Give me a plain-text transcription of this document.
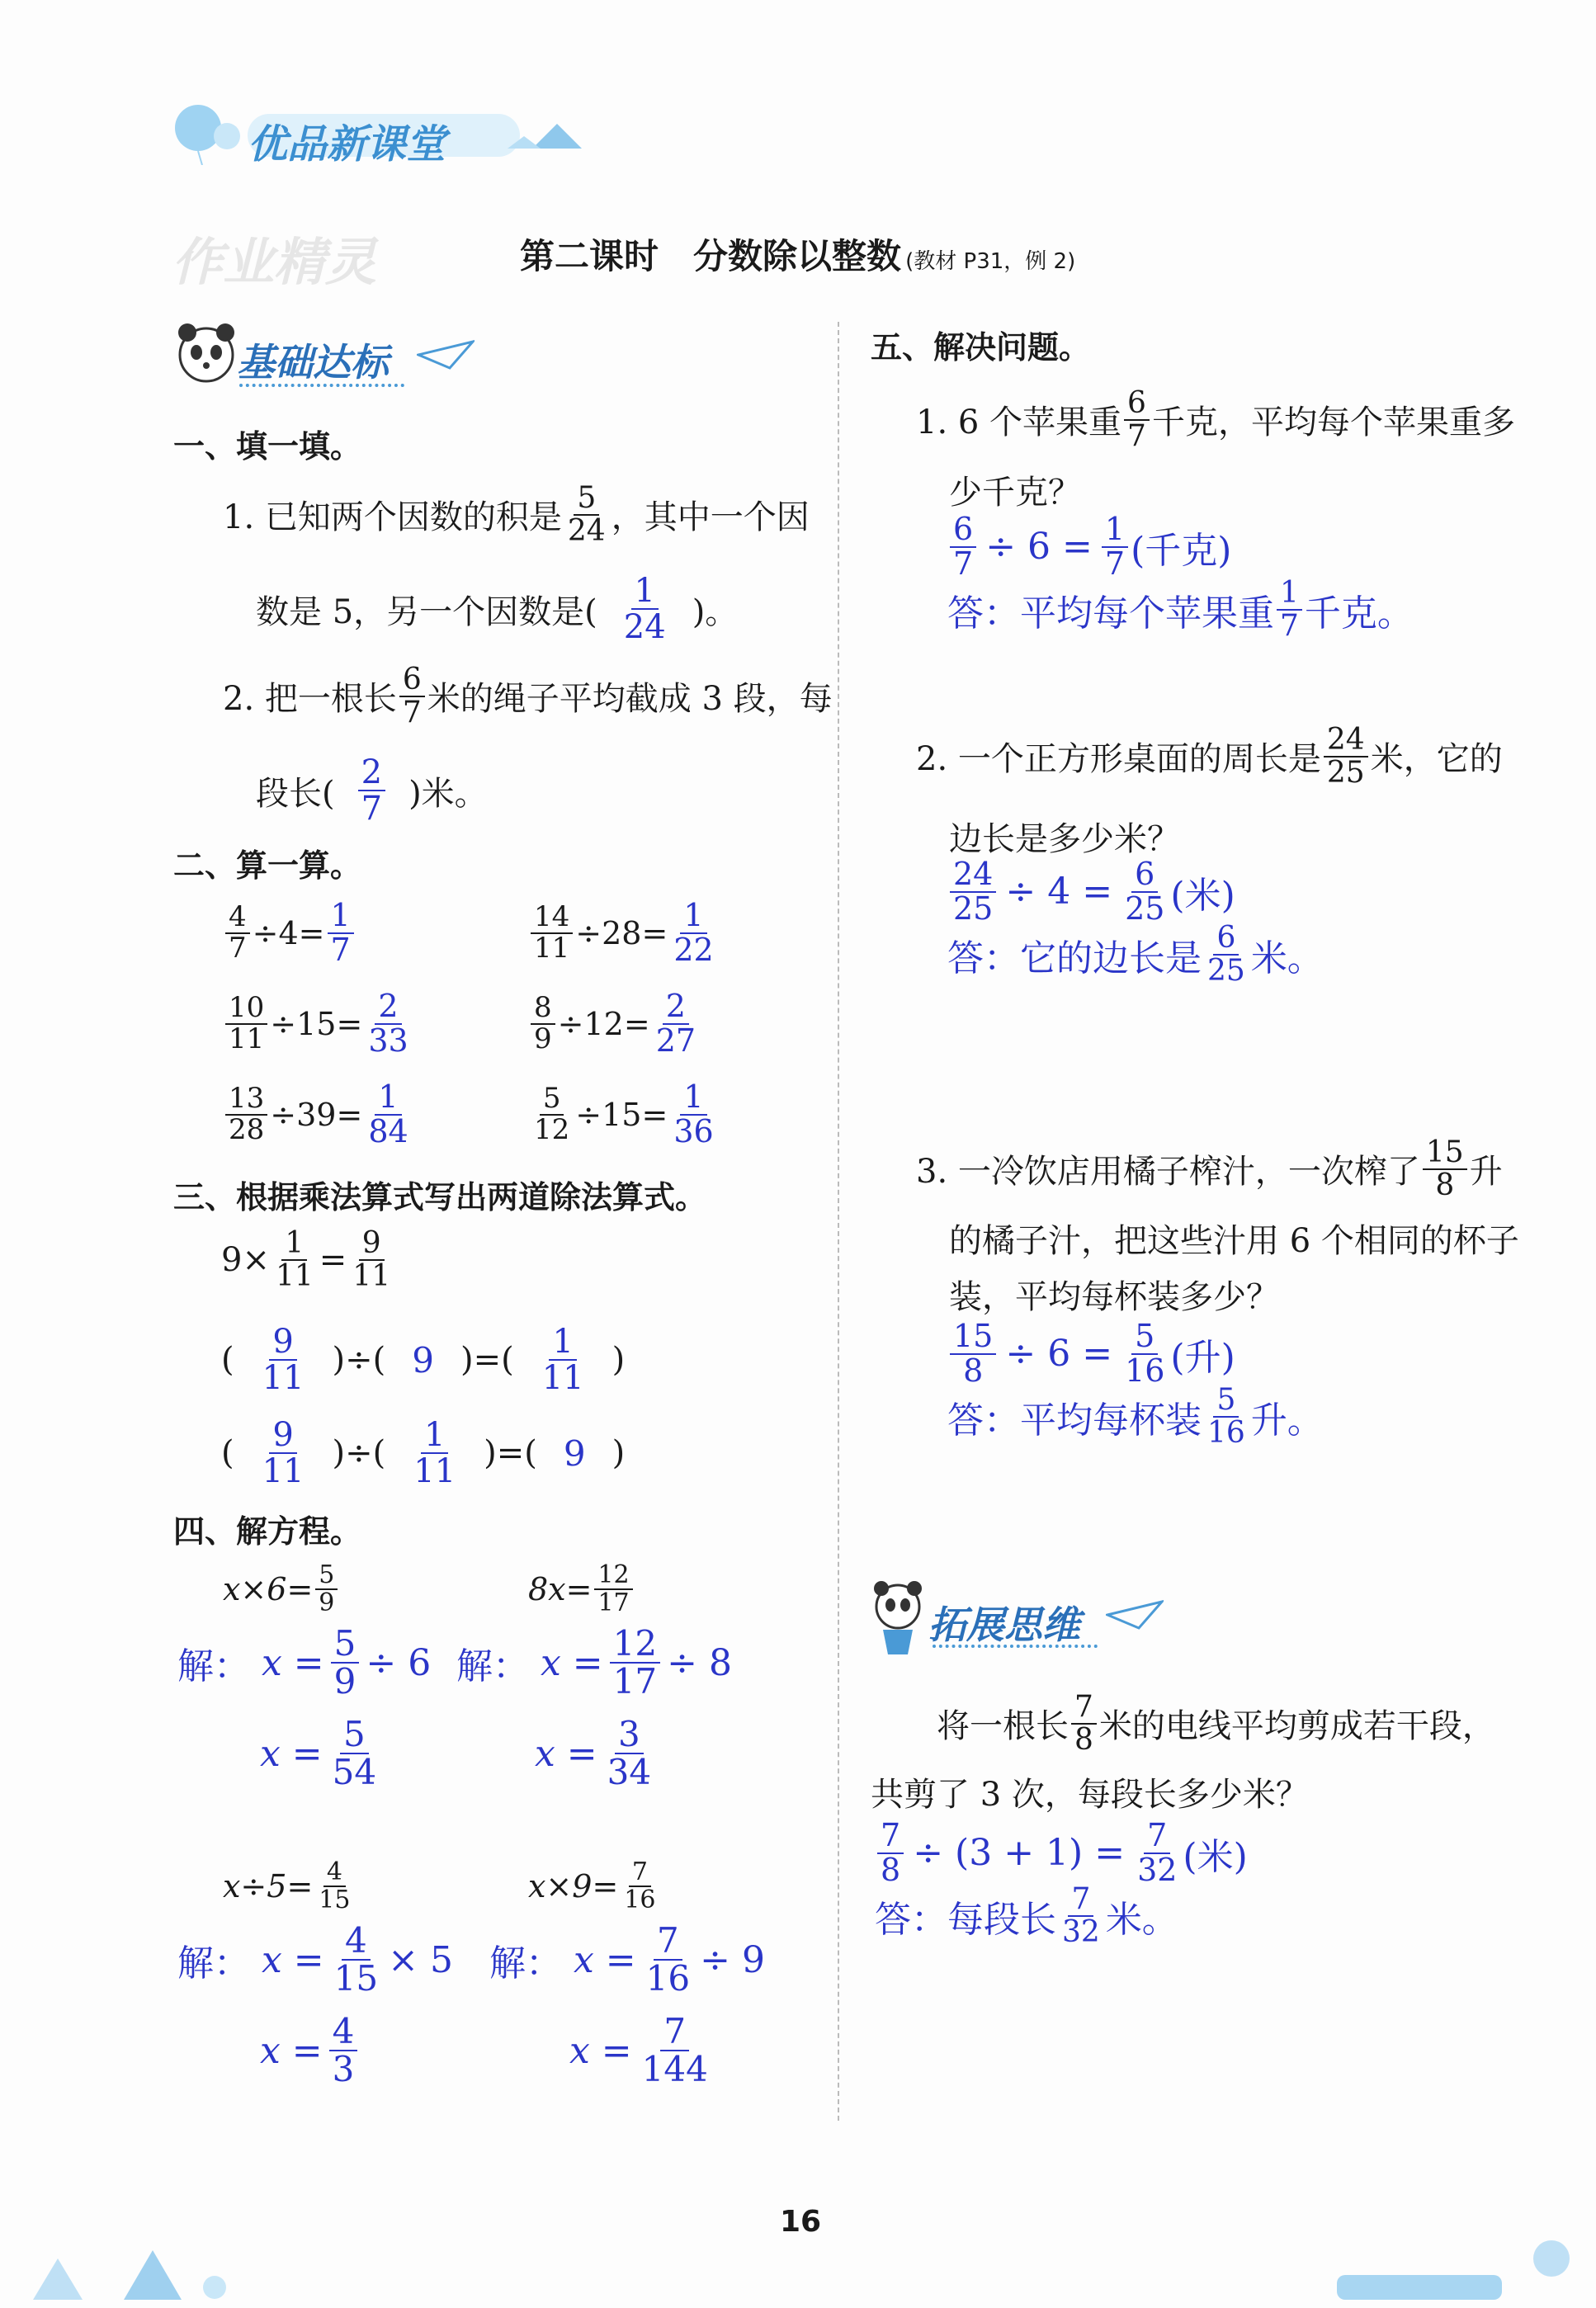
优品新课堂
作业精灵	第二课时　分数除以整数 (教材 P31，例 2)
基础达标
一、填一填。
1. 已知两个因数的积是 $\frac{5}{24}$ ，其中一个因
数是 5，另一个因数是( $\frac{1}{24}$ )。
2. 把一根长 $\frac{6}{7}$ 米的绳子平均截成 3 段，每
段长( $\frac{2}{7}$ )米。
二、算一算。
$\frac{4}{7} \div 4= \frac{1}{7}$	$\frac{14}{11} \div 28= \frac{1}{22}$
$\frac{10}{11} \div 15= \frac{2}{33}$	$\frac{8}{9} \div 12= \frac{2}{27}$
$\frac{13}{28} \div 39= \frac{1}{84}$	$\frac{5}{12} \div 15= \frac{1}{36}$
三、根据乘法算式写出两道除法算式。
$9\times \frac{1}{11} = \frac{9}{11}$
( $\frac{9}{11}$ )÷( 9 )=( $\frac{1}{11}$ )
( $\frac{9}{11}$ )÷( $\frac{1}{11}$ )=( 9 )
四、解方程。
$x\times 6= \frac{5}{9}$
解： $x = \frac{5}{9} \div 6$
$x = \frac{5}{54}$
$8x= \frac{12}{17}$
解： $x = \frac{12}{17} \div 8$
$x = \frac{3}{34}$
$x\div 5= \frac{4}{15}$
解： $x = \frac{4}{15} \times 5$
$x = \frac{4}{3}$
$x\times 9= \frac{7}{16}$
解： $x = \frac{7}{16} \div 9$
$x = \frac{7}{144}$
五、解决问题。
1. 6 个苹果重 $\frac{6}{7}$ 千克，平均每个苹果重多
少千克？
$\frac{6}{7} \div 6 = \frac{1}{7}$ (千克)
答：平均每个苹果重 $\frac{1}{7}$ 千克。
2. 一个正方形桌面的周长是 $\frac{24}{25}$ 米，它的
边长是多少米？
$\frac{24}{25} \div 4 = \frac{6}{25}$ (米)
答：它的边长是 $\frac{6}{25}$ 米。
3. 一冷饮店用橘子榨汁，一次榨了 $\frac{15}{8}$ 升
的橘子汁，把这些汁用 6 个相同的杯子
装，平均每杯装多少？
$\frac{15}{8} \div 6 = \frac{5}{16}$ (升)
答：平均每杯装 $\frac{5}{16}$ 升。
拓展思维
将一根长 $\frac{7}{8}$ 米的电线平均剪成若干段，
共剪了 3 次，每段长多少米？
$\frac{7}{8} \div (3 + 1) = \frac{7}{32}$ (米)
答：每段长 $\frac{7}{32}$ 米。
16
